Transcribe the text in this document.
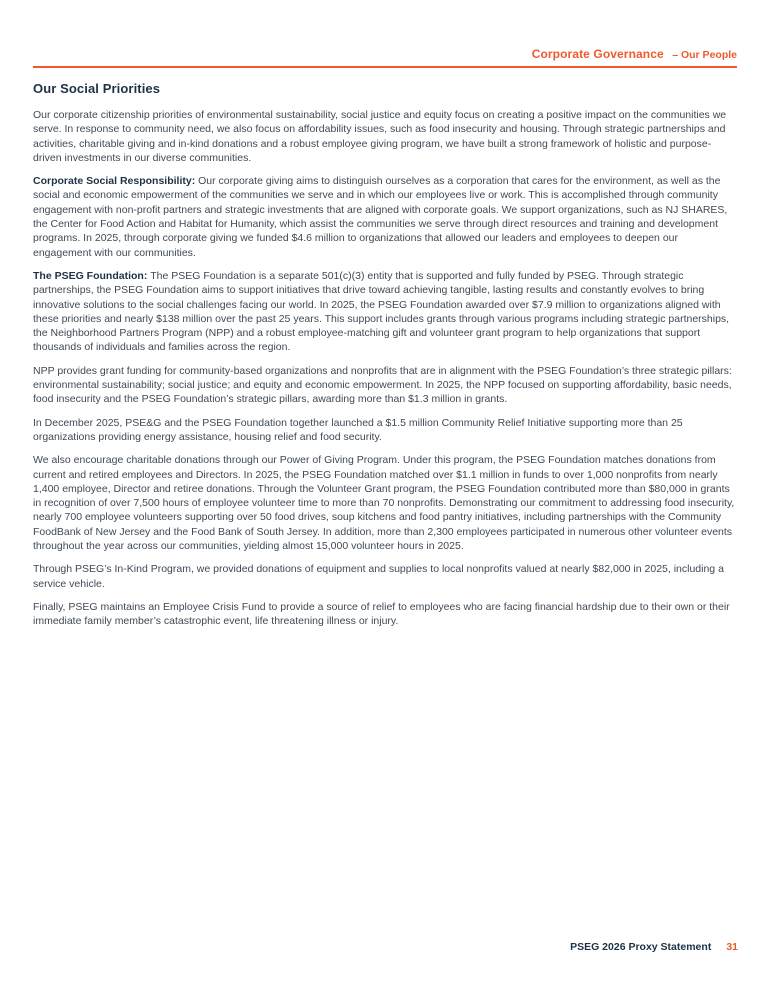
Corporate Governance – Our People
Our Social Priorities

Our corporate citizenship priorities of environmental sustainability, social justice and equity focus on creating a positive impact on the communities we serve. In response to community need, we also focus on affordability issues, such as food insecurity and housing. Through strategic partnerships and activities, charitable giving and in-kind donations and a robust employee giving program, we have built a strong framework of holistic and purpose-driven investments in our diverse communities.

Corporate Social Responsibility: Our corporate giving aims to distinguish ourselves as a corporation that cares for the environment, as well as the social and economic empowerment of the communities we serve and in which our employees live or work. This is accomplished through community engagement with non-profit partners and strategic investments that are aligned with corporate goals. We support organizations, such as NJ SHARES, the Center for Food Action and Habitat for Humanity, which assist the communities we serve through direct resources and training and development programs. In 2025, through corporate giving we funded $4.6 million to organizations that allowed our leaders and employees to deepen our engagement with our communities.

The PSEG Foundation: The PSEG Foundation is a separate 501(c)(3) entity that is supported and fully funded by PSEG. Through strategic partnerships, the PSEG Foundation aims to support initiatives that drive toward achieving tangible, lasting results and constantly evolves to bring innovative solutions to the social challenges facing our world. In 2025, the PSEG Foundation awarded over $7.9 million to organizations aligned with these priorities and nearly $138 million over the past 25 years. This support includes grants through various programs including strategic partnerships, the Neighborhood Partners Program (NPP) and a robust employee-matching gift and volunteer grant program to help organizations that support thousands of individuals and families across the region.

NPP provides grant funding for community-based organizations and nonprofits that are in alignment with the PSEG Foundation’s three strategic pillars: environmental sustainability; social justice; and equity and economic empowerment. In 2025, the NPP focused on supporting affordability, basic needs, food insecurity and the PSEG Foundation’s strategic pillars, awarding more than $1.3 million in grants.

In December 2025, PSE&G and the PSEG Foundation together launched a $1.5 million Community Relief Initiative supporting more than 25 organizations providing energy assistance, housing relief and food security.

We also encourage charitable donations through our Power of Giving Program. Under this program, the PSEG Foundation matches donations from current and retired employees and Directors. In 2025, the PSEG Foundation matched over $1.1 million in funds to over 1,000 nonprofits from nearly 1,400 employee, Director and retiree donations. Through the Volunteer Grant program, the PSEG Foundation contributed more than $80,000 in grants in recognition of over 7,500 hours of employee volunteer time to more than 70 nonprofits. Demonstrating our commitment to addressing food insecurity, nearly 700 employee volunteers supporting over 50 food drives, soup kitchens and food pantry initiatives, including partnerships with the Community FoodBank of New Jersey and the Food Bank of South Jersey. In addition, more than 2,300 employees participated in numerous other volunteer events throughout the year across our communities, yielding almost 15,000 volunteer hours in 2025.

Through PSEG’s In-Kind Program, we provided donations of equipment and supplies to local nonprofits valued at nearly $82,000 in 2025, including a service vehicle.

Finally, PSEG maintains an Employee Crisis Fund to provide a source of relief to employees who are facing financial hardship due to their own or their immediate family member’s catastrophic event, life threatening illness or injury.

PSEG 2026 Proxy Statement 31
